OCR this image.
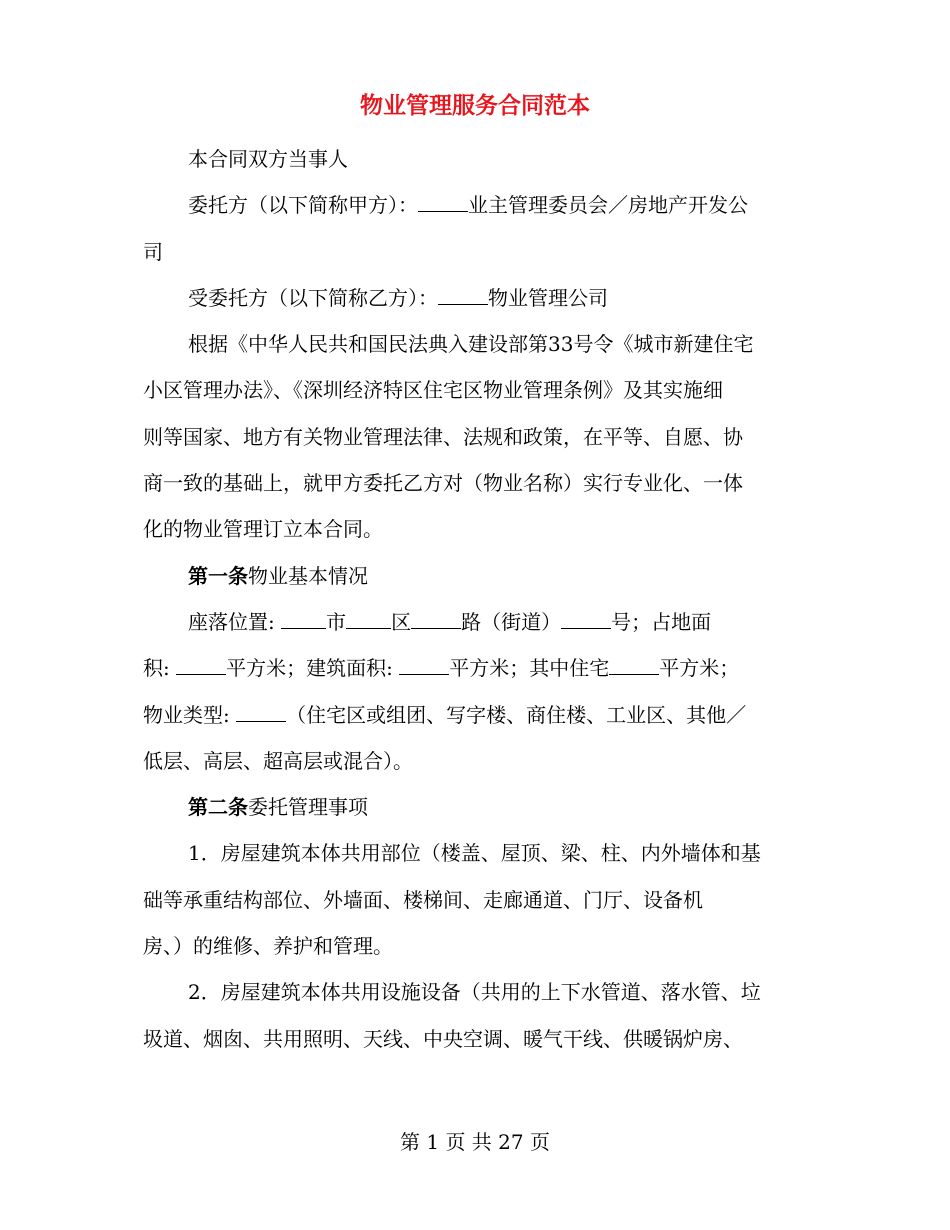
物业管理服务合同范本

本合同双方当事人

委托方（以下简称甲方）：	业主管理委员会／房地产开发公

司

受委托方（以下简称乙方）：	物业管理公司

根据《中华人民共和国民法典入建设部第33号令《城市新建住宅

小区管理办法》、《深圳经济特区住宅区物业管理条例》及其实施细

则等国家、地方有关物业管理法律、法规和政策，在平等、自愿、协

商一致的基础上，就甲方委托乙方对（物业名称）实行专业化、一体

化的物业管理订立本合同。

第一条物业基本情况

座落位置:	市 区	路（街道）	号；占地面

积:	平方米；建筑面积:	平方米；其中住宅	平方米；

物业类型:	（住宅区或组团、写字楼、商住楼、工业区、其他／

低层、高层、超高层或混合）。

第二条委托管理事项

1．房屋建筑本体共用部位（楼盖、屋顶、梁、柱、内外墙体和基

础等承重结构部位、外墙面、楼梯间、走廊通道、门厅、设备机

房、）的维修、养护和管理。

2．房屋建筑本体共用设施设备（共用的上下水管道、落水管、垃

圾道、烟囱、共用照明、天线、中央空调、暖气干线、供暖锅炉房、

第 1 页 共 27 页
